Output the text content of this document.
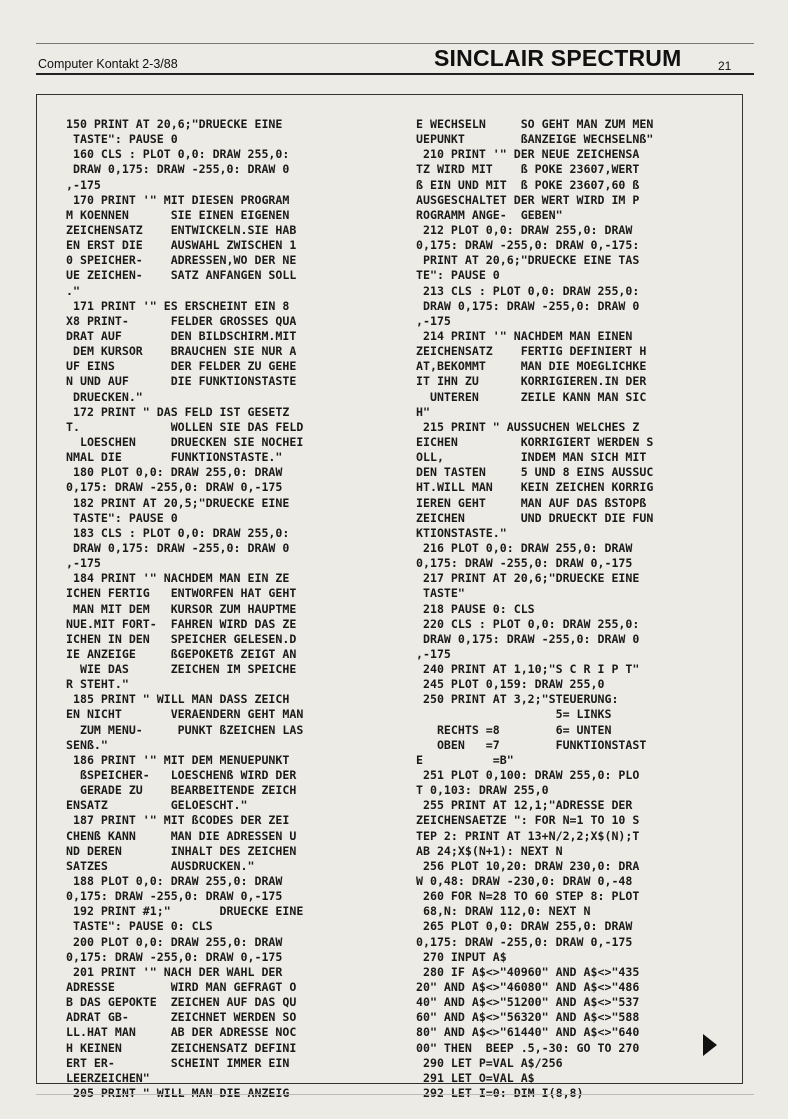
Computer Kontakt 2-3/88	SINCLAIR SPECTRUM	21
150 PRINT AT 20,6;"DRUECKE EINE
TASTE": PAUSE 0
160 CLS : PLOT 0,0: DRAW 255,0:
DRAW 0,175: DRAW -255,0: DRAW 0
,-175
170 PRINT '" MIT DIESEN PROGRAM
M KOENNEN      SIE EINEN EIGENEN
ZEICHENSATZ    ENTWICKELN.SIE HAB
EN ERST DIE    AUSWAHL ZWISCHEN 1
0 SPEICHER-    ADRESSEN,WO DER NE
UE ZEICHEN-    SATZ ANFANGEN SOLL
."
171 PRINT '" ES ERSCHEINT EIN 8
X8 PRINT-      FELDER GROSSES QUA
DRAT AUF       DEN BILDSCHIRM.MIT
DEM KURSOR    BRAUCHEN SIE NUR A
UF EINS        DER FELDER ZU GEHE
N UND AUF      DIE FUNKTIONSTASTE
DRUECKEN."
172 PRINT " DAS FELD IST GESETZ
T.             WOLLEN SIE DAS FELD
LOESCHEN     DRUECKEN SIE NOCHEI
NMAL DIE       FUNKTIONSTASTE."
180 PLOT 0,0: DRAW 255,0: DRAW
0,175: DRAW -255,0: DRAW 0,-175
182 PRINT AT 20,5;"DRUECKE EINE
TASTE": PAUSE 0
183 CLS : PLOT 0,0: DRAW 255,0:
DRAW 0,175: DRAW -255,0: DRAW 0
,-175
184 PRINT '" NACHDEM MAN EIN ZE
ICHEN FERTIG   ENTWORFEN HAT GEHT
MAN MIT DEM   KURSOR ZUM HAUPTME
NUE.MIT FORT-  FAHREN WIRD DAS ZE
ICHEN IN DEN   SPEICHER GELESEN.D
IE ANZEIGE     ßGEPOKETß ZEIGT AN
WIE DAS      ZEICHEN IM SPEICHE
R STEHT."
185 PRINT " WILL MAN DASS ZEICH
EN NICHT       VERAENDERN GEHT MAN
ZUM MENU-     PUNKT ßZEICHEN LAS
SENß."
186 PRINT '" MIT DEM MENUEPUNKT
ßSPEICHER-   LOESCHENß WIRD DER
GERADE ZU    BEARBEITENDE ZEICH
ENSATZ         GELOESCHT."
187 PRINT '" MIT ßCODES DER ZEI
CHENß KANN     MAN DIE ADRESSEN U
ND DEREN       INHALT DES ZEICHEN
SATZES         AUSDRUCKEN."
188 PLOT 0,0: DRAW 255,0: DRAW
0,175: DRAW -255,0: DRAW 0,-175
192 PRINT #1;"       DRUECKE EINE
TASTE": PAUSE 0: CLS
200 PLOT 0,0: DRAW 255,0: DRAW
0,175: DRAW -255,0: DRAW 0,-175
201 PRINT '" NACH DER WAHL DER
ADRESSE        WIRD MAN GEFRAGT O
B DAS GEPOKTE  ZEICHEN AUF DAS QU
ADRAT GB-      ZEICHNET WERDEN SO
LL.HAT MAN     AB DER ADRESSE NOC
H KEINEN       ZEICHENSATZ DEFINI
ERT ER-        SCHEINT IMMER EIN
LEERZEICHEN"
205 PRINT " WILL MAN DIE ANZEIG
E WECHSELN     SO GEHT MAN ZUM MEN
UEPUNKT        ßANZEIGE WECHSELNß"
210 PRINT '" DER NEUE ZEICHENSA
TZ WIRD MIT    ß POKE 23607,WERT
ß EIN UND MIT  ß POKE 23607,60 ß
AUSGESCHALTET DER WERT WIRD IM P
ROGRAMM ANGE-  GEBEN"
212 PLOT 0,0: DRAW 255,0: DRAW
0,175: DRAW -255,0: DRAW 0,-175:
PRINT AT 20,6;"DRUECKE EINE TAS
TE": PAUSE 0
213 CLS : PLOT 0,0: DRAW 255,0:
DRAW 0,175: DRAW -255,0: DRAW 0
,-175
214 PRINT '" NACHDEM MAN EINEN
ZEICHENSATZ    FERTIG DEFINIERT H
AT,BEKOMMT     MAN DIE MOEGLICHKE
IT IHN ZU      KORRIGIEREN.IN DER
UNTEREN      ZEILE KANN MAN SIC
H"
215 PRINT " AUSSUCHEN WELCHES Z
EICHEN         KORRIGIERT WERDEN S
OLL,           INDEM MAN SICH MIT
DEN TASTEN     5 UND 8 EINS AUSSUC
HT.WILL MAN    KEIN ZEICHEN KORRIG
IEREN GEHT     MAN AUF DAS ßSTOPß
ZEICHEN        UND DRUECKT DIE FUN
KTIONSTASTE."
216 PLOT 0,0: DRAW 255,0: DRAW
0,175: DRAW -255,0: DRAW 0,-175
217 PRINT AT 20,6;"DRUECKE EINE
TASTE"
218 PAUSE 0: CLS
220 CLS : PLOT 0,0: DRAW 255,0:
DRAW 0,175: DRAW -255,0: DRAW 0
,-175
240 PRINT AT 1,10;"S C R I P T"
245 PLOT 0,159: DRAW 255,0
250 PRINT AT 3,2;"STEUERUNG:
5= LINKS
RECHTS =8        6= UNTEN
OBEN   =7        FUNKTIONSTAST
E          =B"
251 PLOT 0,100: DRAW 255,0: PLO
T 0,103: DRAW 255,0
255 PRINT AT 12,1;"ADRESSE DER
ZEICHENSAETZE ": FOR N=1 TO 10 S
TEP 2: PRINT AT 13+N/2,2;X$(N);T
AB 24;X$(N+1): NEXT N
256 PLOT 10,20: DRAW 230,0: DRA
W 0,48: DRAW -230,0: DRAW 0,-48
260 FOR N=28 TO 60 STEP 8: PLOT
68,N: DRAW 112,0: NEXT N
265 PLOT 0,0: DRAW 255,0: DRAW
0,175: DRAW -255,0: DRAW 0,-175
270 INPUT A$
280 IF A$<>"40960" AND A$<>"435
20" AND A$<>"46080" AND A$<>"486
40" AND A$<>"51200" AND A$<>"537
60" AND A$<>"56320" AND A$<>"588
80" AND A$<>"61440" AND A$<>"640
00" THEN  BEEP .5,-30: GO TO 270
290 LET P=VAL A$/256
291 LET O=VAL A$
292 LET I=0: DIM I(8,8)
